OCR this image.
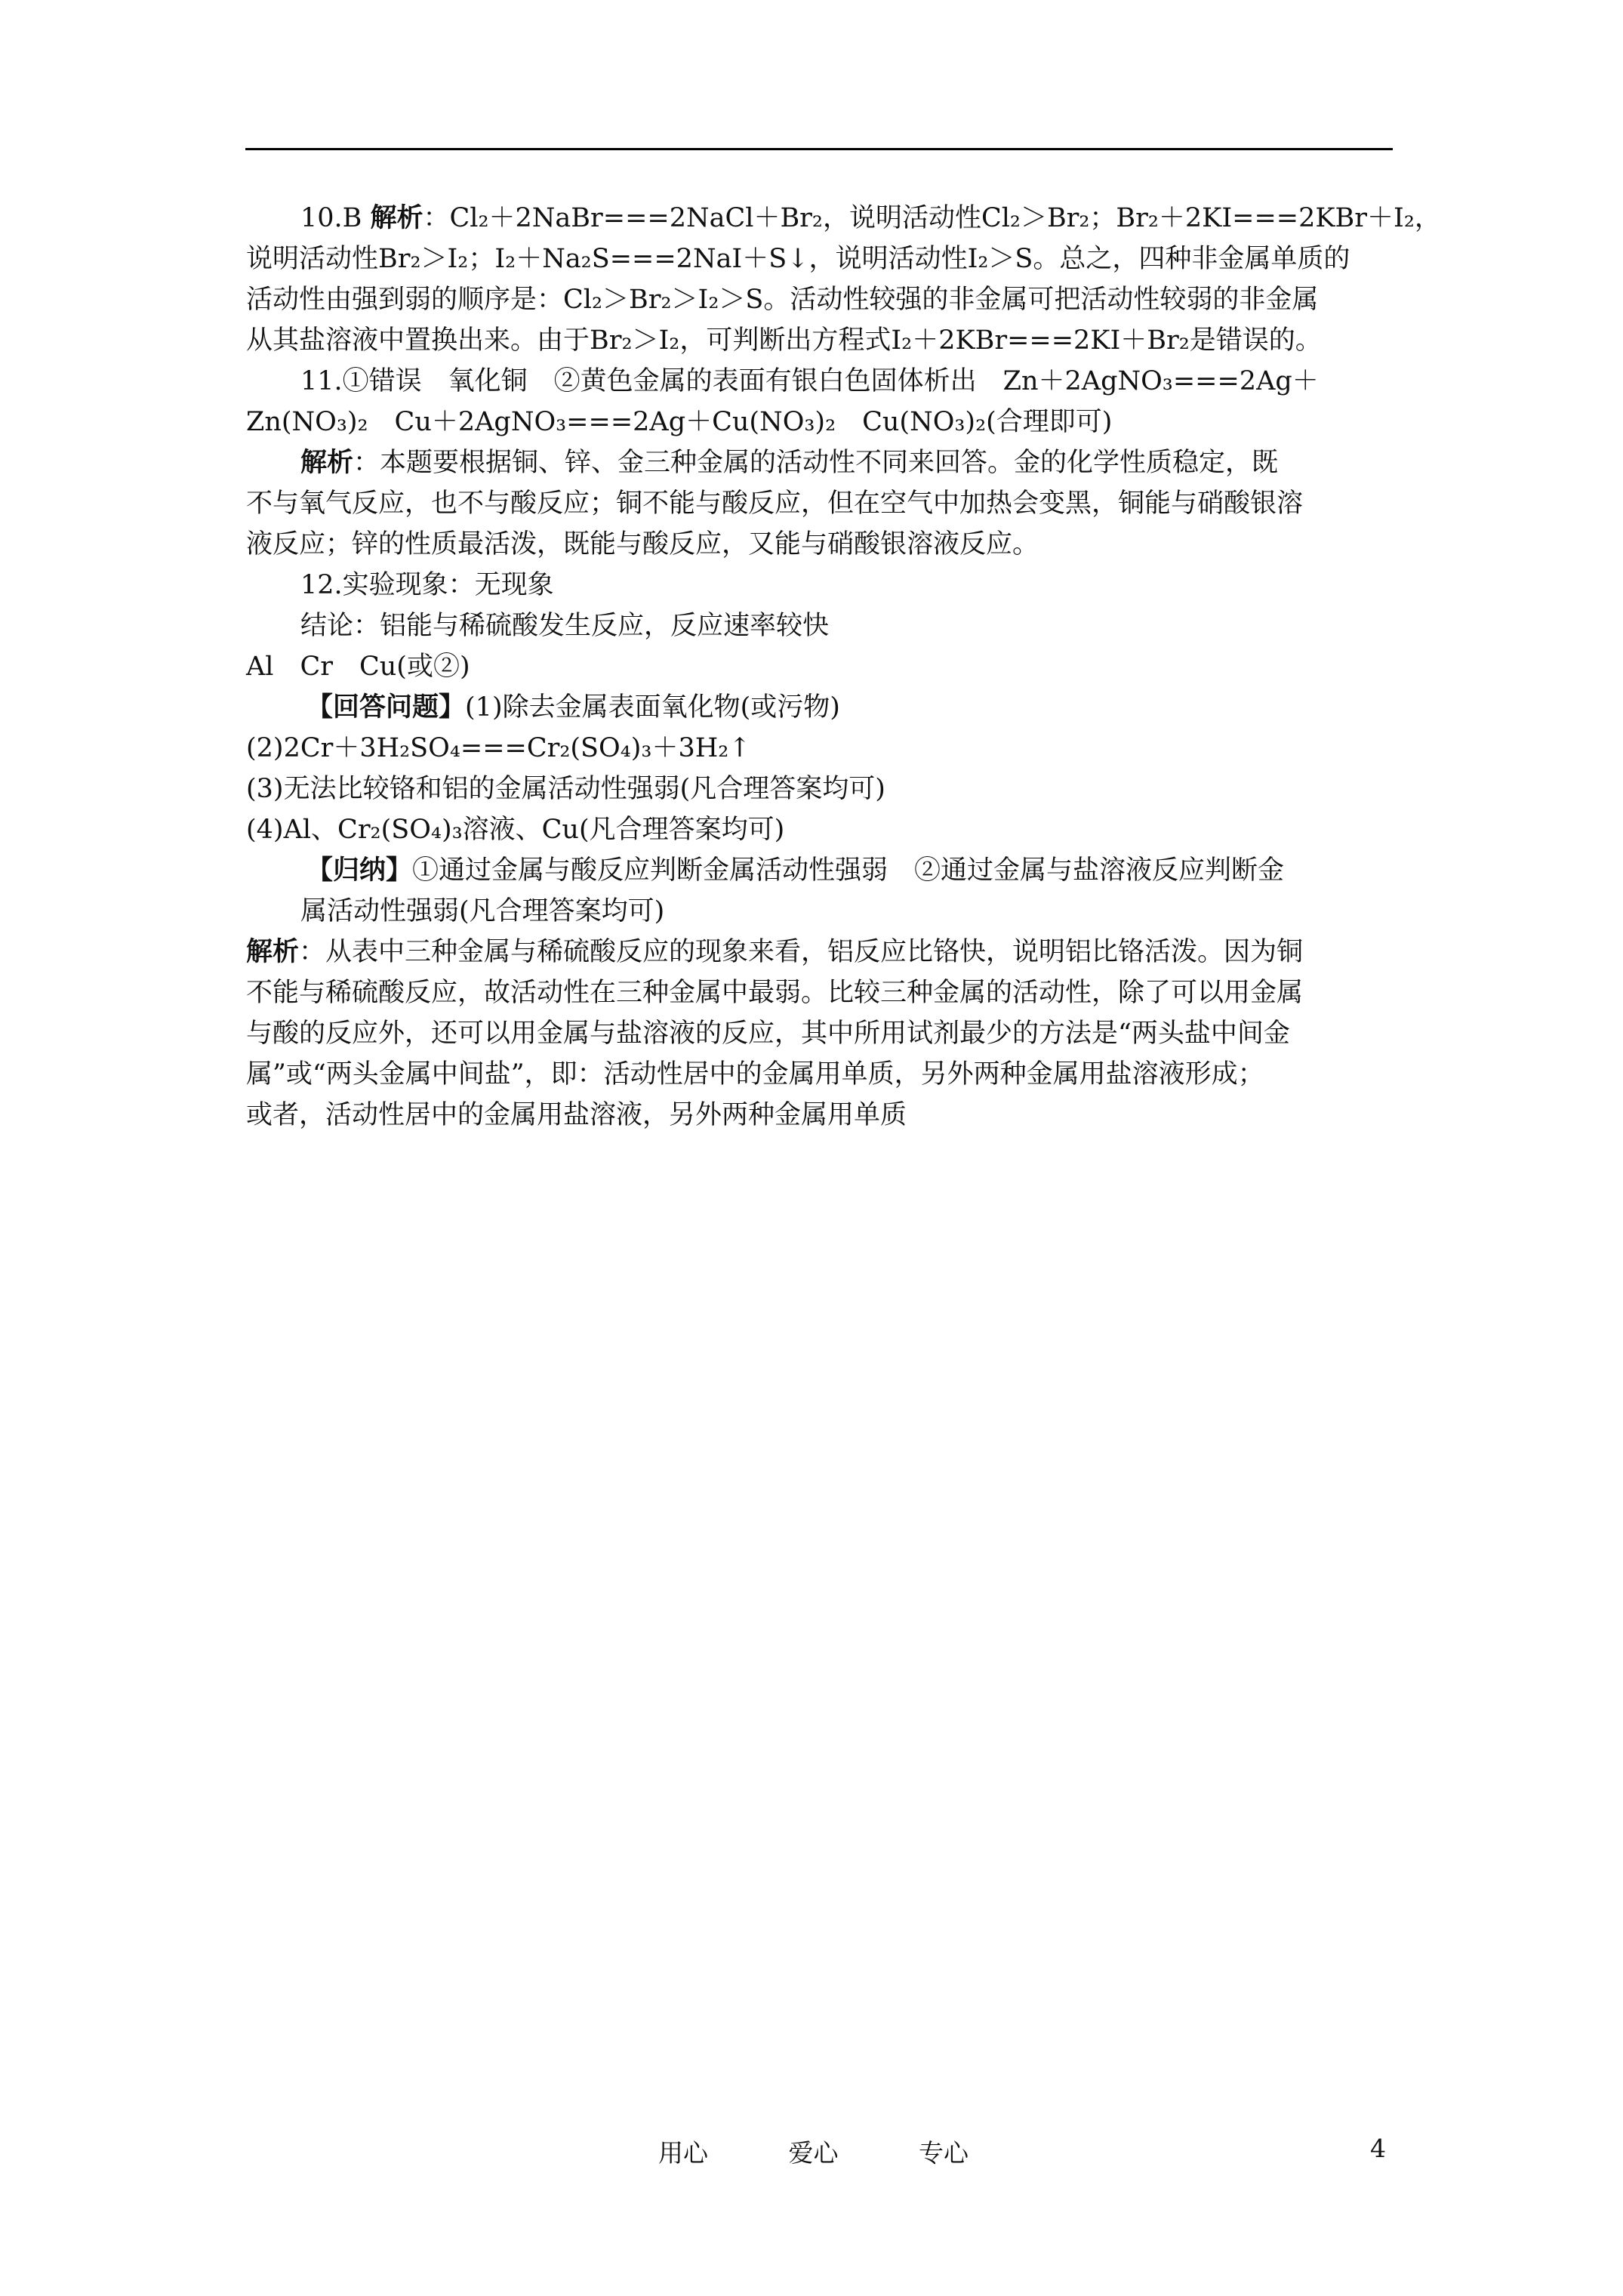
10.B 解析：Cl₂＋2NaBr===2NaCl＋Br₂，说明活动性Cl₂＞Br₂；Br₂＋2KI===2KBr＋I₂，
说明活动性Br₂＞I₂；I₂＋Na₂S===2NaI＋S↓，说明活动性I₂＞S。总之，四种非金属单质的
活动性由强到弱的顺序是：Cl₂＞Br₂＞I₂＞S。活动性较强的非金属可把活动性较弱的非金属
从其盐溶液中置换出来。由于Br₂＞I₂，可判断出方程式I₂＋2KBr===2KI＋Br₂是错误的。
11.①错误　氧化铜　②黄色金属的表面有银白色固体析出　Zn＋2AgNO₃===2Ag＋
Zn(NO₃)₂　Cu＋2AgNO₃===2Ag＋Cu(NO₃)₂　Cu(NO₃)₂(合理即可)
解析：本题要根据铜、锌、金三种金属的活动性不同来回答。金的化学性质稳定，既
不与氧气反应，也不与酸反应；铜不能与酸反应，但在空气中加热会变黑，铜能与硝酸银溶
液反应；锌的性质最活泼，既能与酸反应，又能与硝酸银溶液反应。
12.实验现象：无现象
结论：铝能与稀硫酸发生反应，反应速率较快
Al　Cr　Cu(或②)
【回答问题】(1)除去金属表面氧化物(或污物)
(2)2Cr＋3H₂SO₄===Cr₂(SO₄)₃＋3H₂↑
(3)无法比较铬和铝的金属活动性强弱(凡合理答案均可)
(4)Al、Cr₂(SO₄)₃溶液、Cu(凡合理答案均可)
【归纳】①通过金属与酸反应判断金属活动性强弱　②通过金属与盐溶液反应判断金
属活动性强弱(凡合理答案均可)
解析：从表中三种金属与稀硫酸反应的现象来看，铝反应比铬快，说明铝比铬活泼。因为铜
不能与稀硫酸反应，故活动性在三种金属中最弱。比较三种金属的活动性，除了可以用金属
与酸的反应外，还可以用金属与盐溶液的反应，其中所用试剂最少的方法是“两头盐中间金
属”或“两头金属中间盐”，即：活动性居中的金属用单质，另外两种金属用盐溶液形成；
或者，活动性居中的金属用盐溶液，另外两种金属用单质
用心	爱心	专心	4
